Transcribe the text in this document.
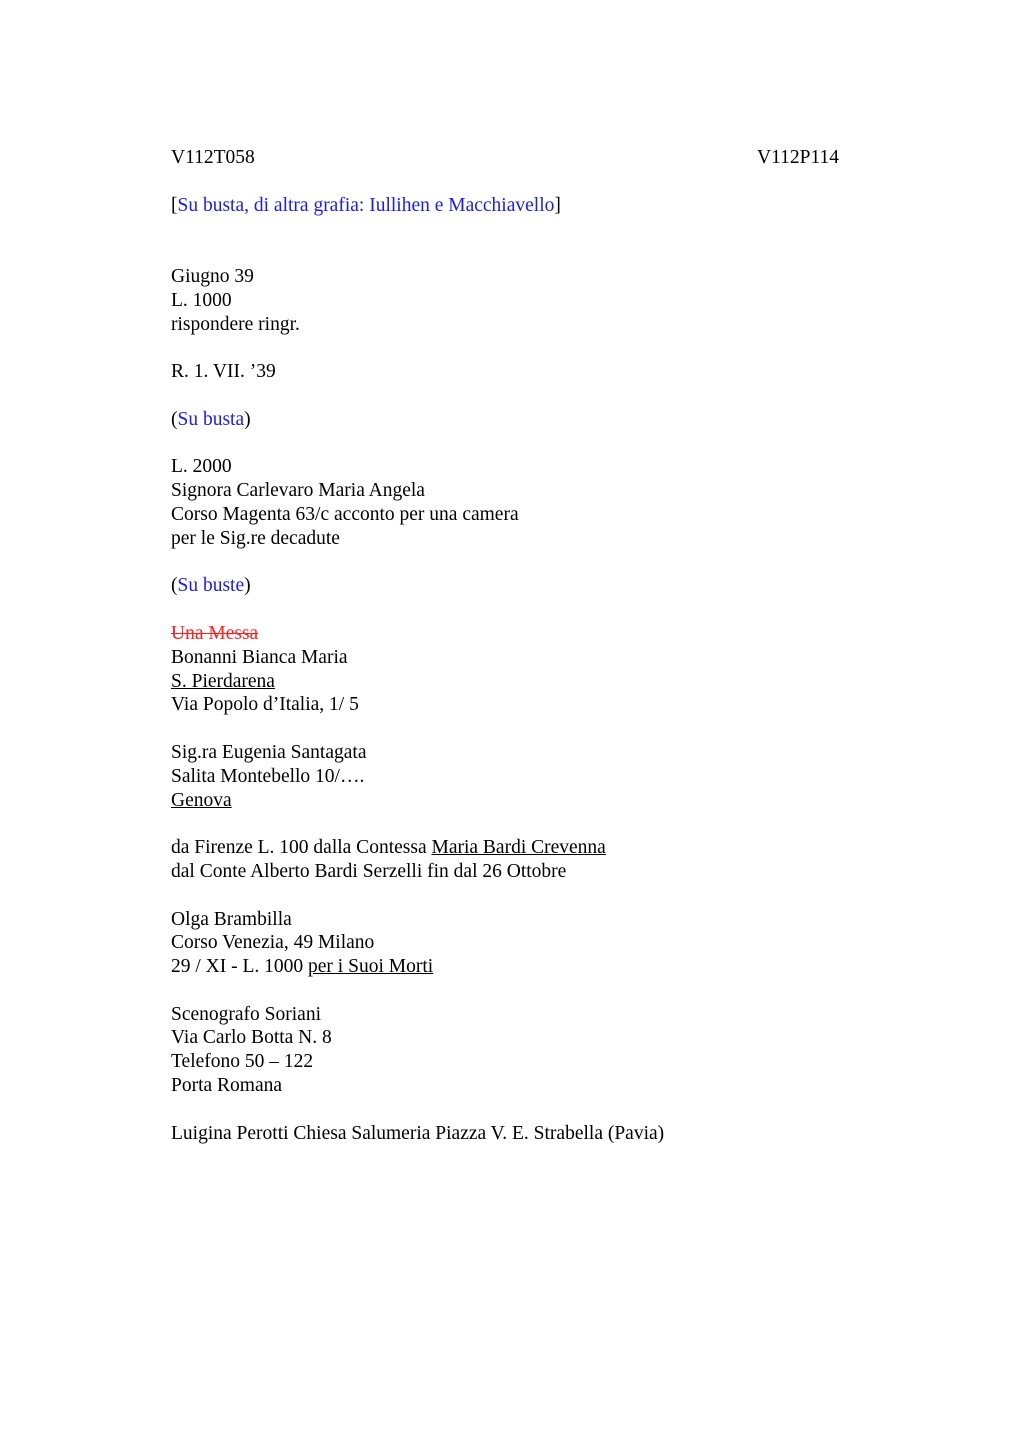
V112T058	V112P114
[Su busta, di altra grafia: Iullihen e Macchiavello]
Giugno 39
L. 1000
rispondere ringr.
R. 1. VII. ’39
(Su busta)
L. 2000
Signora Carlevaro Maria Angela
Corso Magenta 63/c acconto per una camera
per le Sig.re decadute
(Su buste)
Una Messa
Bonanni Bianca Maria
S. Pierdarena
Via Popolo d’Italia, 1/ 5
Sig.ra Eugenia Santagata
Salita Montebello 10/….
Genova
da Firenze L. 100 dalla Contessa Maria Bardi Crevenna
dal Conte Alberto Bardi Serzelli fin dal 26 Ottobre
Olga Brambilla
Corso Venezia, 49 Milano
29 / XI - L. 1000 per i Suoi Morti
Scenografo Soriani
Via Carlo Botta N. 8
Telefono 50 – 122
Porta Romana
Luigina Perotti Chiesa Salumeria Piazza V. E. Strabella (Pavia)
